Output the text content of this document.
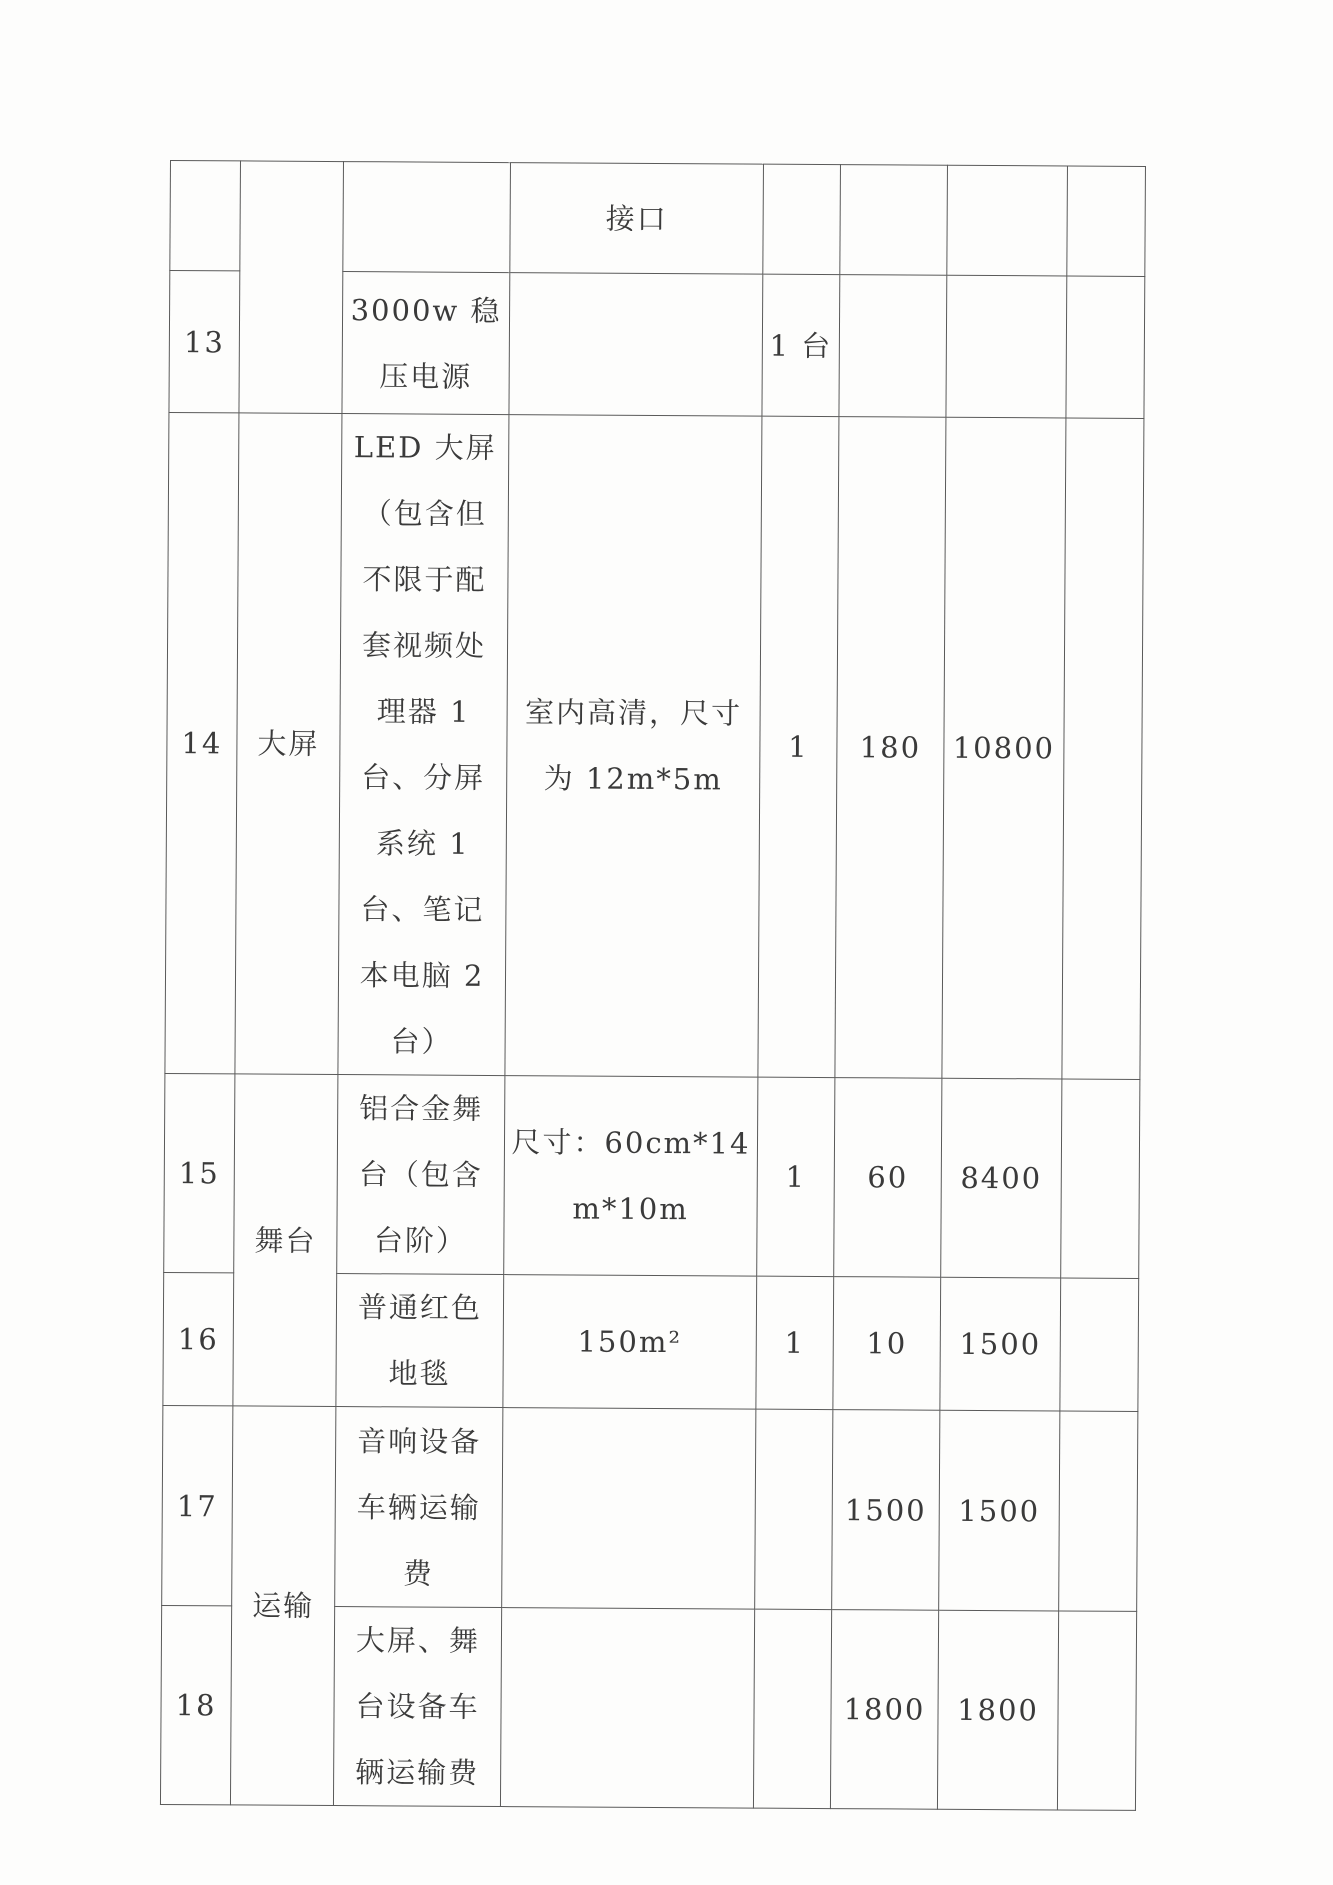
			接口				
13		3000w 稳压电源		1 台			
14	大屏	LED 大屏（包含但不限于配套视频处理器 1 台、分屏系统 1 台、笔记本电脑 2 台）	室内高清，尺寸为 12m*5m	1	180	10800	
15	舞台	铝合金舞台（包含台阶）	尺寸：60cm*14m*10m	1	60	8400	
16		普通红色地毯	150m²	1	10	1500	
17	运输	音响设备车辆运输费			1500	1500	
18		大屏、舞台设备车辆运输费			1800	1800	
